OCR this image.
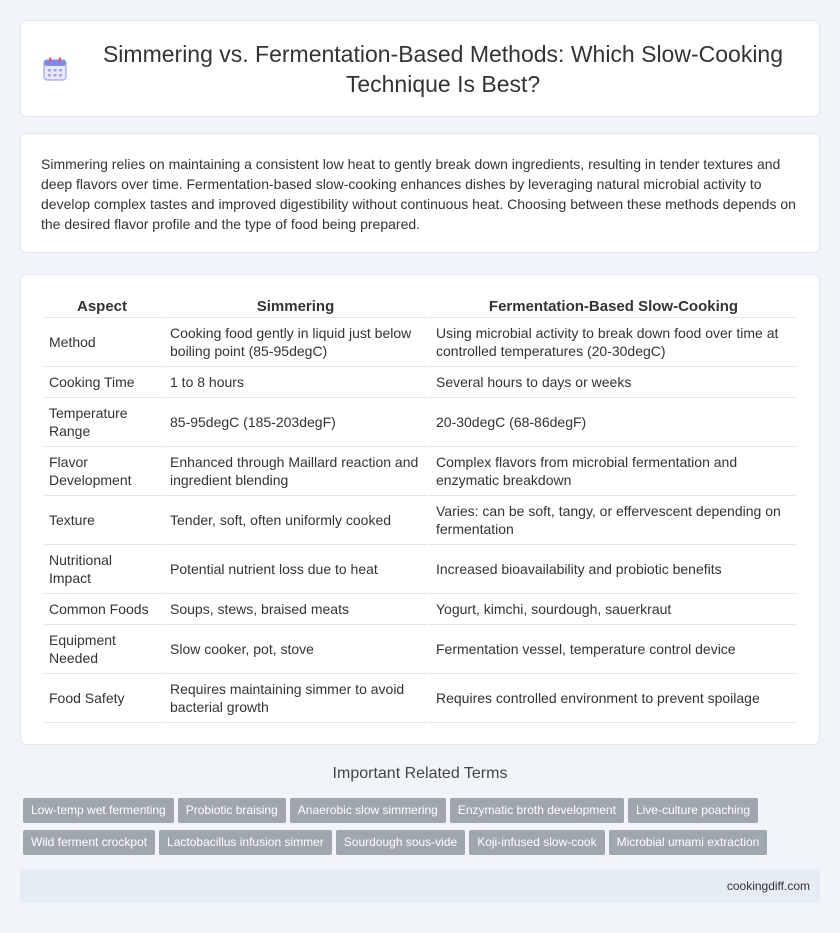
Simmering vs. Fermentation-Based Methods: Which Slow-Cooking Technique Is Best?

Simmering relies on maintaining a consistent low heat to gently break down ingredients, resulting in tender textures and deep flavors over time. Fermentation-based slow-cooking enhances dishes by leveraging natural microbial activity to develop complex tastes and improved digestibility without continuous heat. Choosing between these methods depends on the desired flavor profile and the type of food being prepared.

Aspect	Simmering	Fermentation-Based Slow-Cooking
Method	Cooking food gently in liquid just below boiling point (85-95degC)	Using microbial activity to break down food over time at controlled temperatures (20-30degC)
Cooking Time	1 to 8 hours	Several hours to days or weeks
Temperature Range	85-95degC (185-203degF)	20-30degC (68-86degF)
Flavor Development	Enhanced through Maillard reaction and ingredient blending	Complex flavors from microbial fermentation and enzymatic breakdown
Texture	Tender, soft, often uniformly cooked	Varies: can be soft, tangy, or effervescent depending on fermentation
Nutritional Impact	Potential nutrient loss due to heat	Increased bioavailability and probiotic benefits
Common Foods	Soups, stews, braised meats	Yogurt, kimchi, sourdough, sauerkraut
Equipment Needed	Slow cooker, pot, stove	Fermentation vessel, temperature control device
Food Safety	Requires maintaining simmer to avoid bacterial growth	Requires controlled environment to prevent spoilage
Important Related Terms
Low-temp wet fermenting Probiotic braising Anaerobic slow simmering Enzymatic broth development Live-culture poaching
Wild ferment crockpot Lactobacillus infusion simmer Sourdough sous-vide Koji-infused slow-cook Microbial umami extraction
cookingdiff.com
